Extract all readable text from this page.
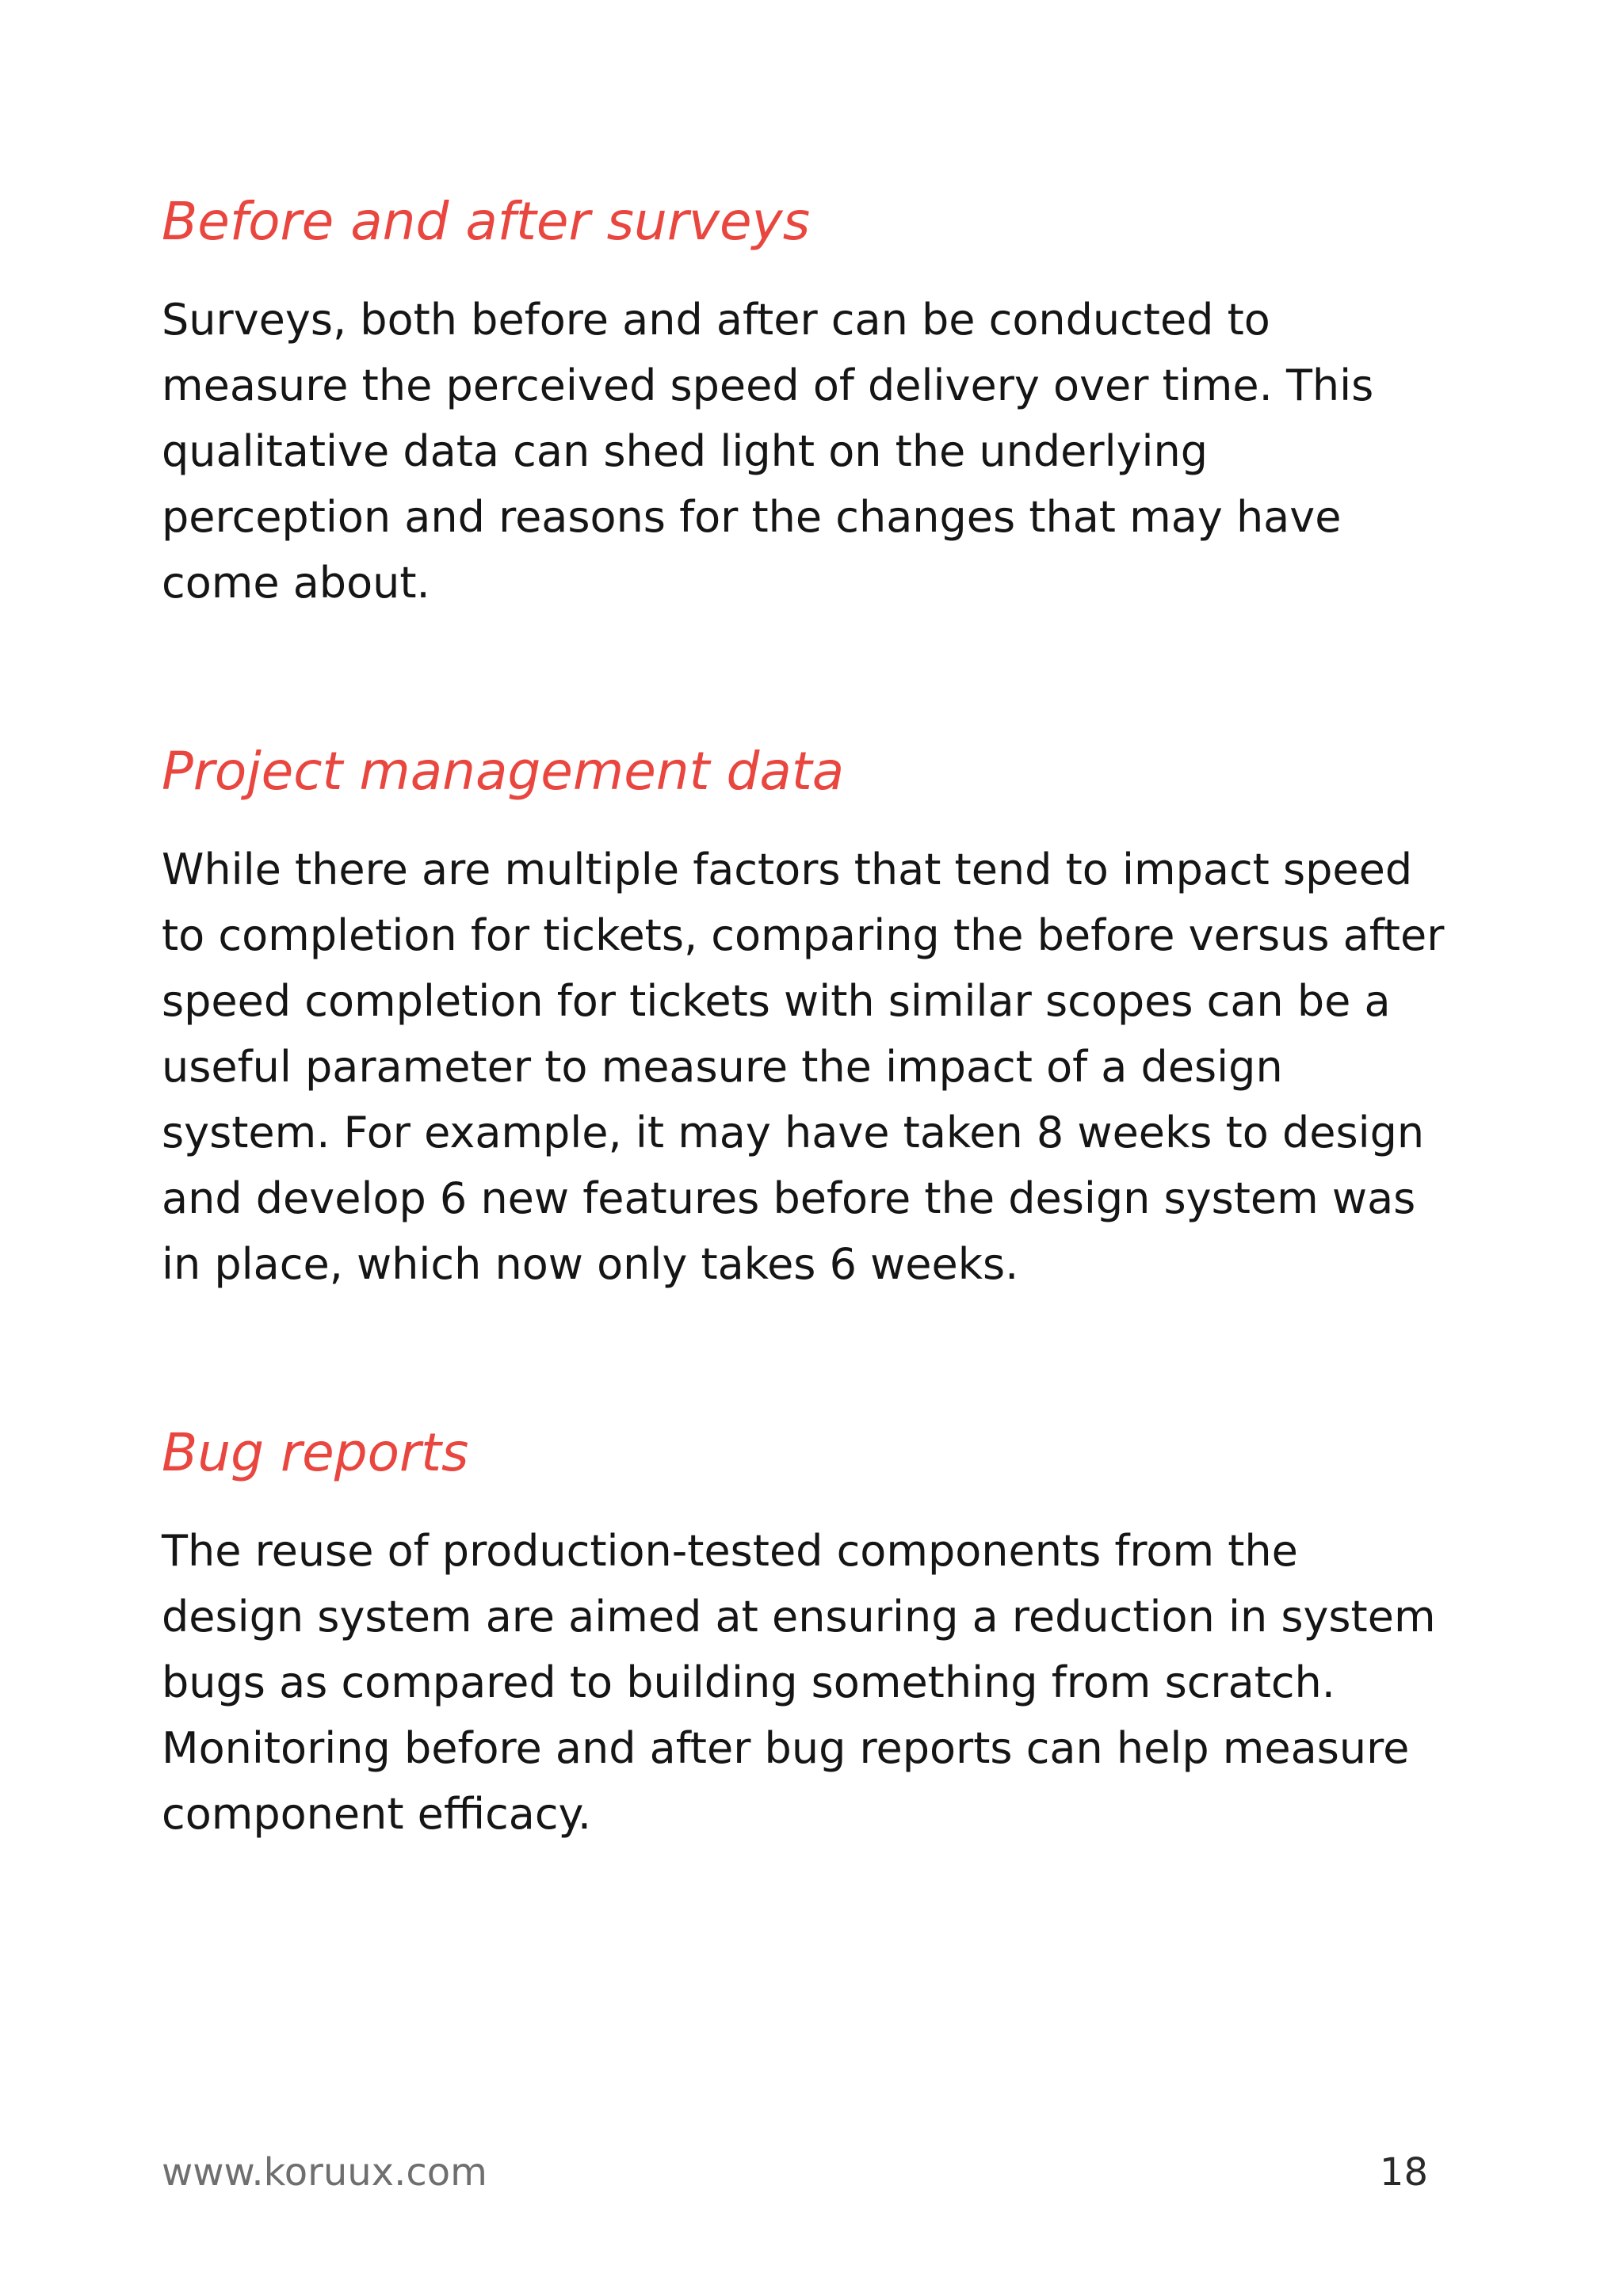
Before and after surveys

Surveys, both before and after can be conducted to
measure the perceived speed of delivery over time. This
qualitative data can shed light on the underlying
perception and reasons for the changes that may have
come about.

Project management data

While there are multiple factors that tend to impact speed
to completion for tickets, comparing the before versus after
speed completion for tickets with similar scopes can be a
useful parameter to measure the impact of a design
system. For example, it may have taken 8 weeks to design
and develop 6 new features before the design system was
in place, which now only takes 6 weeks.

Bug reports

The reuse of production-tested components from the
design system are aimed at ensuring a reduction in system
bugs as compared to building something from scratch.
Monitoring before and after bug reports can help measure
component efficacy.

www.koruux.com	18
